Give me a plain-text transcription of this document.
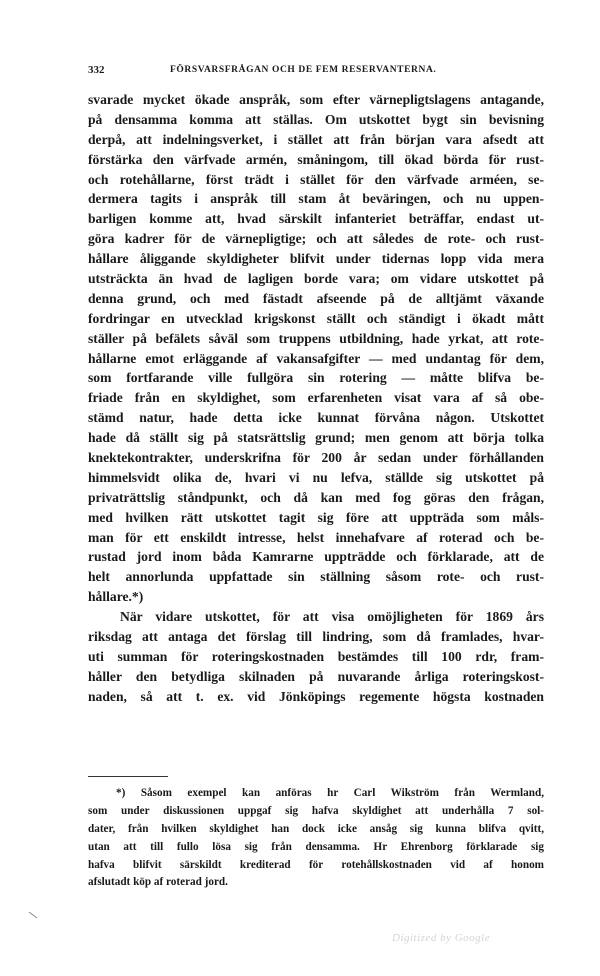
332	FÖRSVARSFRÅGAN OCH DE FEM RESERVANTERNA.
svarade mycket ökade anspråk, som efter värnepligtslagens antagande,
på densamma komma att ställas. Om utskottet bygt sin bevisning
derpå, att indelningsverket, i stället att från början vara afsedt att
förstärka den värfvade armén, småningom, till ökad börda för rust-
och rotehållarne, först trädt i stället för den värfvade arméen, se-
dermera tagits i anspråk till stam åt beväringen, och nu uppen-
barligen komme att, hvad särskilt infanteriet beträffar, endast ut-
göra kadrer för de värnepligtige; och att således de rote- och rust-
hållare åliggande skyldigheter blifvit under tidernas lopp vida mera
utsträckta än hvad de lagligen borde vara; om vidare utskottet på
denna grund, och med fästadt afseende på de alltjämt växande
fordringar en utvecklad krigskonst ställt och ständigt i ökadt mått
ställer på befälets såväl som truppens utbildning, hade yrkat, att rote-
hållarne emot erläggande af vakansafgifter — med undantag för dem,
som fortfarande ville fullgöra sin rotering — måtte blifva be-
friade från en skyldighet, som erfarenheten visat vara af så obe-
stämd natur, hade detta icke kunnat förvåna någon. Utskottet
hade då ställt sig på statsrättslig grund; men genom att börja tolka
knektekontrakter, underskrifna för 200 år sedan under förhållanden
himmelsvidt olika de, hvari vi nu lefva, ställde sig utskottet på
privaträttslig ståndpunkt, och då kan med fog göras den frågan,
med hvilken rätt utskottet tagit sig före att uppträda som måls-
man för ett enskildt intresse, helst innehafvare af roterad och be-
rustad jord inom båda Kamrarne uppträdde och förklarade, att de
helt annorlunda uppfattade sin ställning såsom rote- och rust-
hållare.*)
När vidare utskottet, för att visa omöjligheten för 1869 års
riksdag att antaga det förslag till lindring, som då framlades, hvar-
uti summan för roteringskostnaden bestämdes till 100 rdr, fram-
håller den betydliga skilnaden på nuvarande årliga roteringskost-
naden, så att t. ex. vid Jönköpings regemente högsta kostnaden
*) Såsom exempel kan anföras hr Carl Wikström från Wermland,
som under diskussionen uppgaf sig hafva skyldighet att underhålla 7 sol-
dater, från hvilken skyldighet han dock icke ansåg sig kunna blifva qvitt,
utan att till fullo lösa sig från densamma. Hr Ehrenborg förklarade sig
hafva blifvit särskildt krediterad för rotehållskostnaden vid af honom
afslutadt köp af roterad jord.
Digitized by Google
